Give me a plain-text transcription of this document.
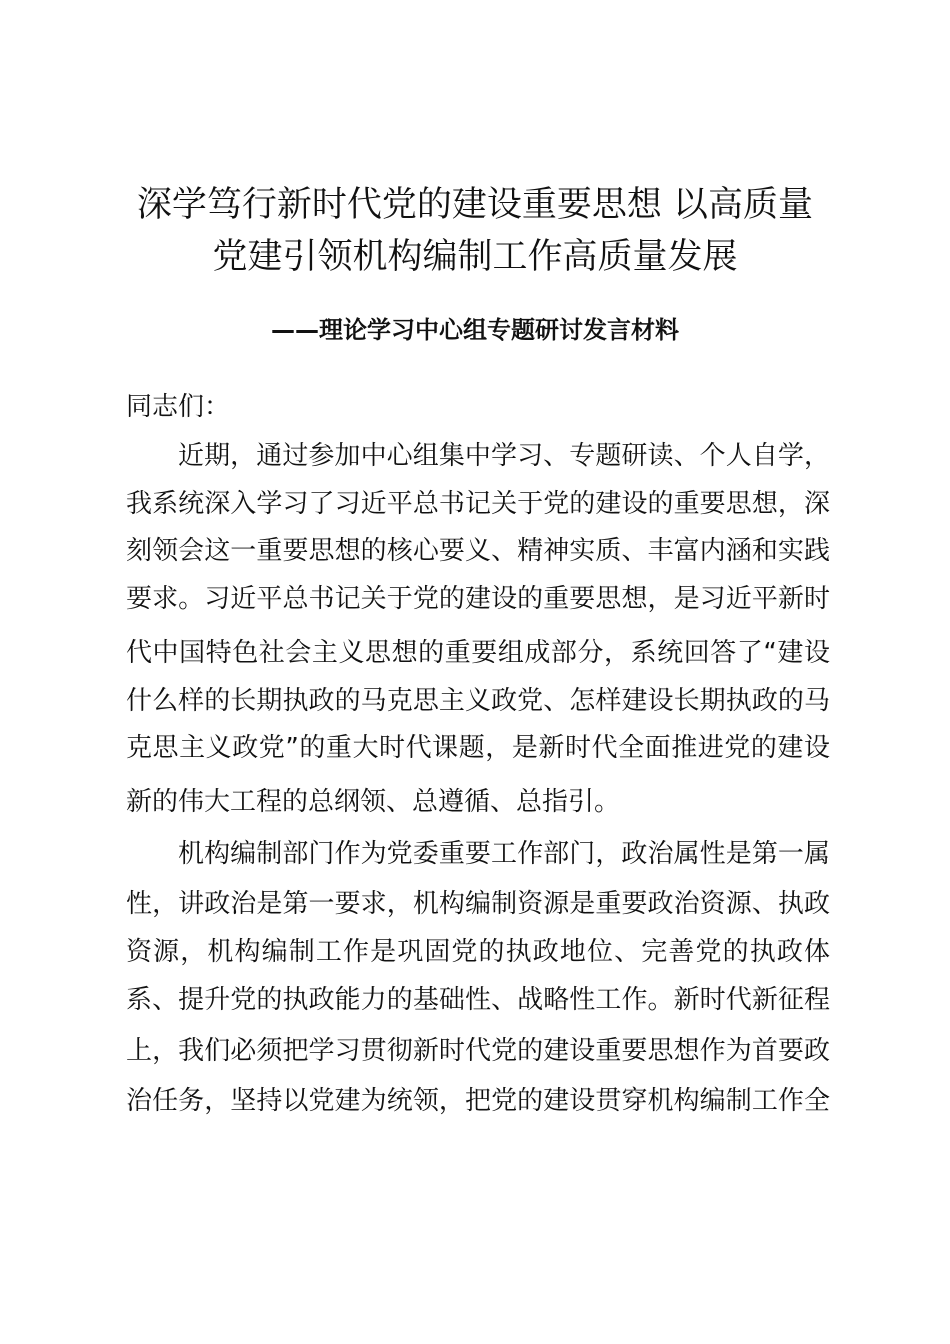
深学笃行新时代党的建设重要思想 以高质量
党建引领机构编制工作高质量发展
——理论学习中心组专题研讨发言材料

同志们：

近期，通过参加中心组集中学习、专题研读、个人自学，

我系统深入学习了习近平总书记关于党的建设的重要思想，深

刻领会这一重要思想的核心要义、精神实质、丰富内涵和实践

要求。习近平总书记关于党的建设的重要思想，是习近平新时

代中国特色社会主义思想的重要组成部分，系统回答了“建设

什么样的长期执政的马克思主义政党、怎样建设长期执政的马

克思主义政党”的重大时代课题，是新时代全面推进党的建设

新的伟大工程的总纲领、总遵循、总指引。

机构编制部门作为党委重要工作部门，政治属性是第一属

性，讲政治是第一要求，机构编制资源是重要政治资源、执政

资源，机构编制工作是巩固党的执政地位、完善党的执政体

系、提升党的执政能力的基础性、战略性工作。新时代新征程

上，我们必须把学习贯彻新时代党的建设重要思想作为首要政

治任务，坚持以党建为统领，把党的建设贯穿机构编制工作全
